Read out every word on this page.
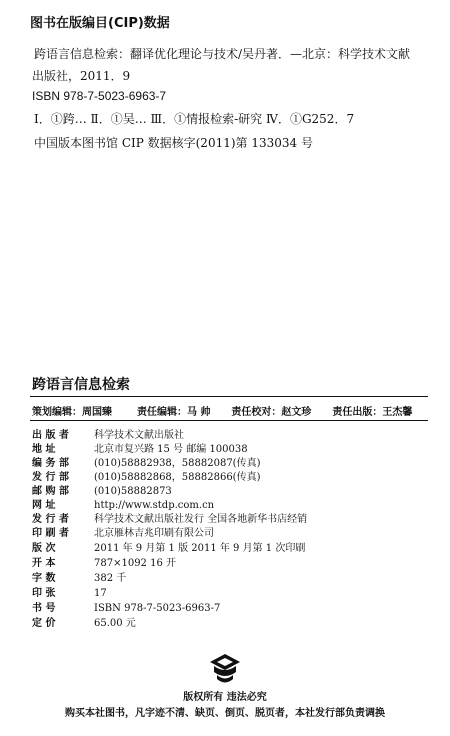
图书在版编目(CIP)数据
跨语言信息检索：翻译优化理论与技术/吴丹著．—北京：科学技术文献
出版社，2011．9
ISBN 978-7-5023-6963-7
Ⅰ．①跨… Ⅱ．①吴… Ⅲ．①情报检索-研究 Ⅳ．①G252．7
中国版本图书馆 CIP 数据核字(2011)第 133034 号
跨语言信息检索
策划编辑：周国臻 责任编辑：马 帅 责任校对：赵文珍 责任出版：王杰馨
出 版 者	科学技术文献出版社
地 址	北京市复兴路 15 号 邮编 100038
编 务 部	(010)58882938，58882087(传真)
发 行 部	(010)58882868，58882866(传真)
邮 购 部	(010)58882873
网 址	http://www.stdp.com.cn
发 行 者	科学技术文献出版社发行 全国各地新华书店经销
印 刷 者	北京雁林吉兆印刷有限公司
版 次	2011 年 9 月第 1 版 2011 年 9 月第 1 次印刷
开 本	787×1092 16 开
字 数	382 千
印 张	17
书 号	ISBN 978-7-5023-6963-7
定 价	65.00 元
版权所有 违法必究
购买本社图书，凡字迹不清、缺页、倒页、脱页者，本社发行部负责调换
